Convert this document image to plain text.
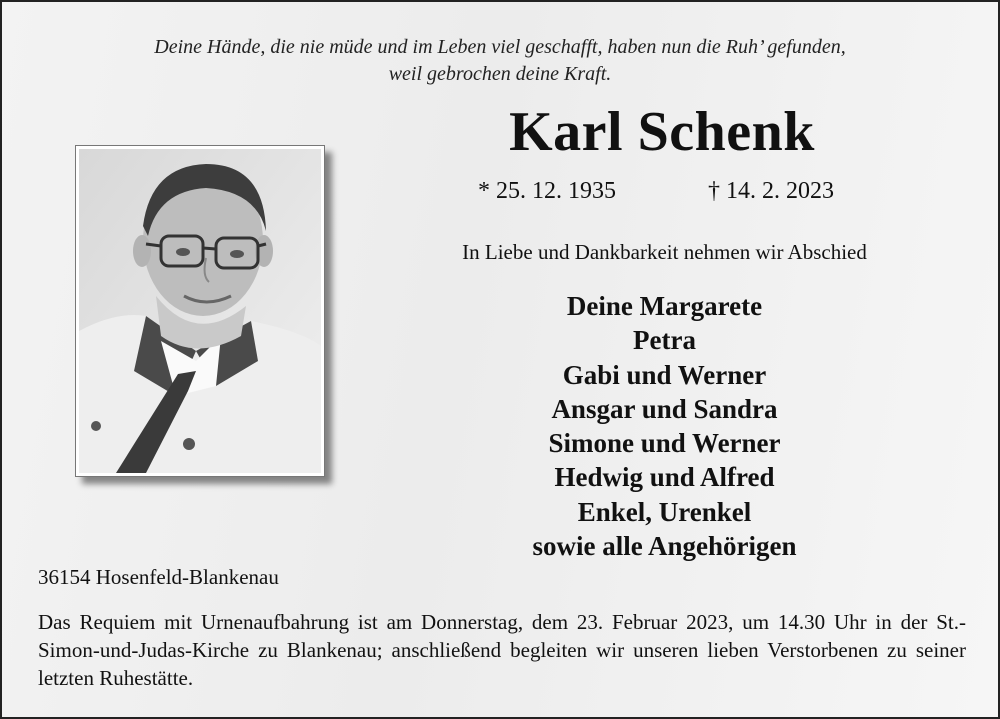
Deine Hände, die nie müde und im Leben viel geschafft, haben nun die Ruh’ gefunden,
weil gebrochen deine Kraft.
Karl Schenk
* 25. 12. 1935	† 14. 2. 2023
In Liebe und Dankbarkeit nehmen wir Abschied
Deine Margarete
Petra
Gabi und Werner
Ansgar und Sandra
Simone und Werner
Hedwig und Alfred
Enkel, Urenkel
sowie alle Angehörigen
36154 Hosenfeld-Blankenau
Das Requiem mit Urnenaufbahrung ist am Donnerstag, dem 23. Februar 2023, um 14.30 Uhr in der St.-Simon-und-Judas-Kirche zu Blankenau; anschließend begleiten wir unseren lieben Verstorbenen zu seiner letzten Ruhestätte.
